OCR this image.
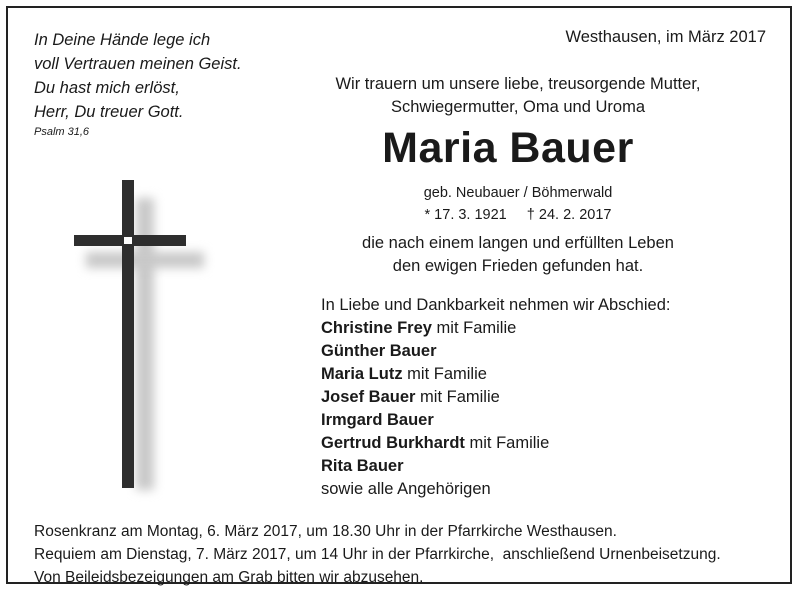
In Deine Hände lege ich
voll Vertrauen meinen Geist.
Du hast mich erlöst,
Herr, Du treuer Gott.
Psalm 31,6
Westhausen, im März 2017
Wir trauern um unsere liebe, treusorgende Mutter,
Schwiegermutter, Oma und Uroma
Maria Bauer
geb. Neubauer / Böhmerwald
* 17. 3. 1921 † 24. 2. 2017
die nach einem langen und erfüllten Leben
den ewigen Frieden gefunden hat.
In Liebe und Dankbarkeit nehmen wir Abschied:
Christine Frey mit Familie
Günther Bauer
Maria Lutz mit Familie
Josef Bauer mit Familie
Irmgard Bauer
Gertrud Burkhardt mit Familie
Rita Bauer
sowie alle Angehörigen
Rosenkranz am Montag, 6. März 2017, um 18.30 Uhr in der Pfarrkirche Westhausen.
Requiem am Dienstag, 7. März 2017, um 14 Uhr in der Pfarrkirche,  anschließend Urnenbeisetzung.
Von Beileidsbezeigungen am Grab bitten wir abzusehen.
